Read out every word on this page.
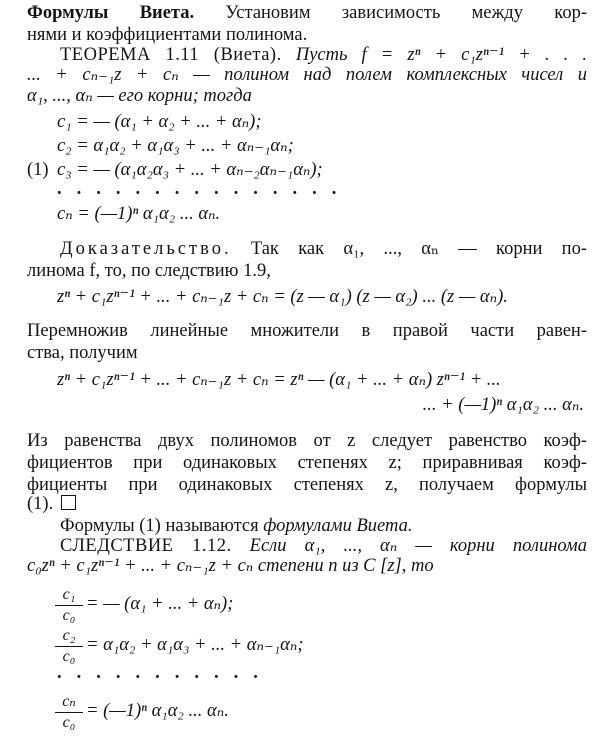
Формулы Виета. Установим зависимость между кор-
нями и коэффициентами полинома.
ТЕОРЕМА 1.11 (Виета). Пусть f = zⁿ + c₁zⁿ⁻¹ + . . .
... + cₙ₋₁z + cₙ — полином над полем комплексных чисел и
α₁, ..., αₙ — его корни; тогда
c₁ = — (α₁ + α₂ + ... + αₙ);
c₂ = α₁α₂ + α₁α₃ + ... + αₙ₋₁αₙ;
(1) c₃ = — (α₁α₂α₃ + ... + αₙ₋₂αₙ₋₁αₙ);
...............
cₙ = (—1)ⁿ α₁α₂ ... αₙ.
Доказательство. Так как α₁, ..., αₙ — корни по-
линома f, то, по следствию 1.9,
zⁿ + c₁zⁿ⁻¹ + ... + cₙ₋₁z + cₙ = (z — α₁) (z — α₂) ... (z — αₙ).
Перемножив линейные множители в правой части равен-
ства, получим
zⁿ + c₁zⁿ⁻¹ + ... + cₙ₋₁z + cₙ = zⁿ — (α₁ + ... + αₙ) zⁿ⁻¹ + ...
... + (—1)ⁿ α₁α₂ ... αₙ.
Из равенства двух полиномов от z следует равенство коэф-
фициентов при одинаковых степенях z; приравнивая коэф-
фициенты при одинаковых степенях z, получаем формулы
(1).
Формулы (1) называются формулами Виета.
СЛЕДСТВИЕ 1.12. Если α₁, ..., αₙ — корни полинома
c₀zⁿ + c₁zⁿ⁻¹ + ... + cₙ₋₁z + cₙ степени n из C [z], то
$\frac{\text{c₁}}{\text{c₀}}$ = — (α₁ + ... + αₙ);
$\frac{\text{c₂}}{\text{c₀}} = \alpha_1\alpha_2 + \alpha_1\alpha_3$ + ... + αₙ₋₁αₙ;
...........
$\frac{\text{cₙ}}{\text{c₀}}$ = (—1)ⁿ α₁α₂ ... αₙ.
